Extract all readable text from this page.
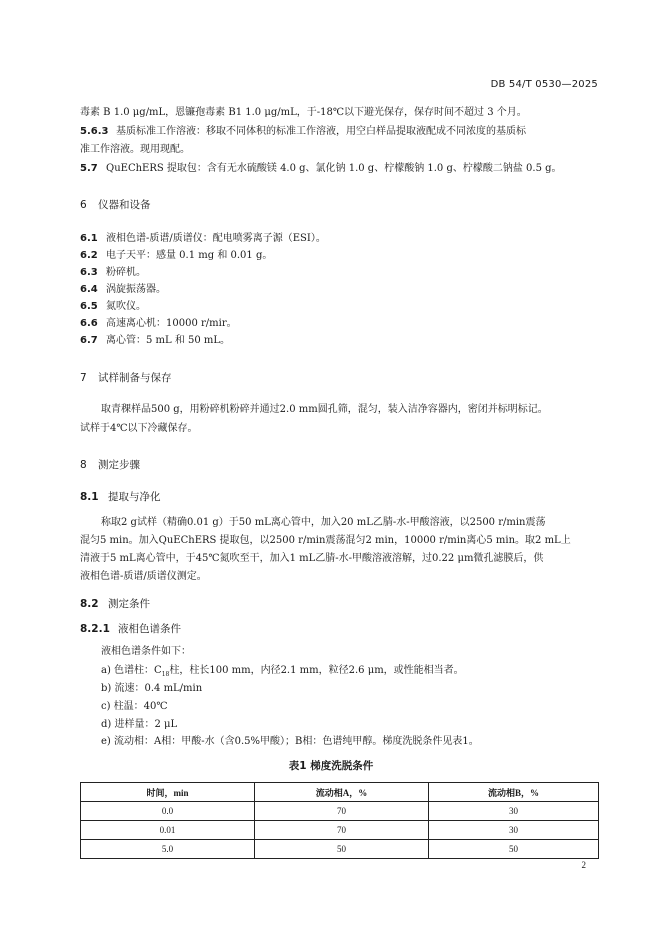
DB 54/T 0530—2025
毒素 B 1.0 μg/mL，恩镰孢毒素 B1 1.0 μg/mL，于-18℃以下避光保存，保存时间不超过 3 个月。
5.6.3 基质标准工作溶液：移取不同体积的标准工作溶液，用空白样品提取液配成不同浓度的基质标
准工作溶液。现用现配。
5.7 QuEChERS 提取包：含有无水硫酸镁 4.0 g、氯化钠 1.0 g、柠檬酸钠 1.0 g、柠檬酸二钠盐 0.5 g。
6 仪器和设备
6.1 液相色谱-质谱/质谱仪：配电喷雾离子源（ESI）。
6.2 电子天平：感量 0.1 mg 和 0.01 g。
6.3 粉碎机。
6.4 涡旋振荡器。
6.5 氮吹仪。
6.6 高速离心机：10000 r/mir。
6.7 离心管：5 mL 和 50 mL。
7 试样制备与保存
取青稞样品500 g，用粉碎机粉碎并通过2.0 mm圆孔筛，混匀，装入洁净容器内，密闭并标明标记。
试样于4℃以下冷藏保存。
8 测定步骤
8.1 提取与净化
称取2 g试样（精确0.01 g）于50 mL离心管中，加入20 mL乙腈-水-甲酸溶液，以2500 r/min震荡
混匀5 min。加入QuEChERS 提取包，以2500 r/min震荡混匀2 min，10000 r/min离心5 min。取2 mL上
清液于5 mL离心管中，于45℃氮吹至干，加入1 mL乙腈-水-甲酸溶液溶解，过0.22 μm微孔滤膜后，供
液相色谱-质谱/质谱仪测定。
8.2 测定条件
8.2.1 液相色谱条件
液相色谱条件如下：
a) 色谱柱：$C_{18}$柱，柱长100 mm，内径2.1 mm，粒径2.6 μm，或性能相当者。
b) 流速：0.4 mL/min
c) 柱温：40℃
d) 进样量：2 μL
e) 流动相：A相：甲酸-水（含0.5%甲酸）；B相：色谱纯甲醇。梯度洗脱条件见表1。
表1 梯度洗脱条件
时间，min	流动相A，%	流动相B，%
0.0	70	30
0.01	70	30
5.0	50	50
2
